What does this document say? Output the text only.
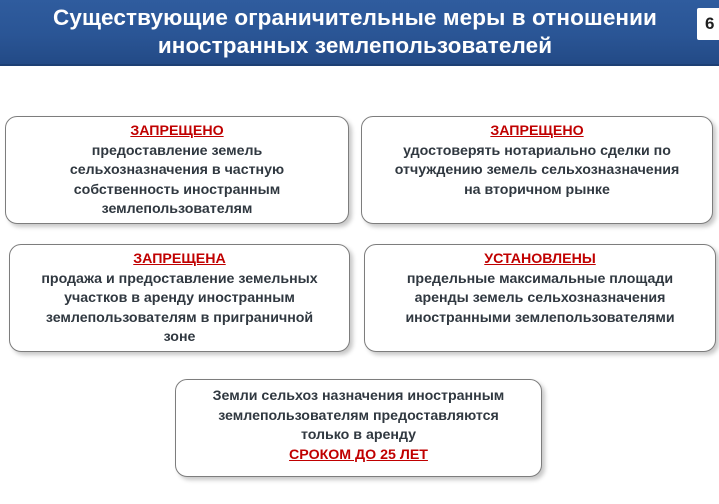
Существующие ограничительные меры в отношении
иностранных землепользователей
6
ЗАПРЕЩЕНО
предоставление земель
сельхозназначения в частную
собственность иностранным
землепользователям
ЗАПРЕЩЕНО
удостоверять нотариально сделки по
отчуждению земель сельхозназначения
на вторичном рынке
ЗАПРЕЩЕНА
продажа и предоставление земельных
участков в аренду иностранным
землепользователям в приграничной
зоне
УСТАНОВЛЕНЫ
предельные максимальные площади
аренды земель сельхозназначения
иностранными землепользователями
Земли сельхоз назначения иностранным
землепользователям предоставляются
только в аренду
СРОКОМ ДО 25 ЛЕТ
